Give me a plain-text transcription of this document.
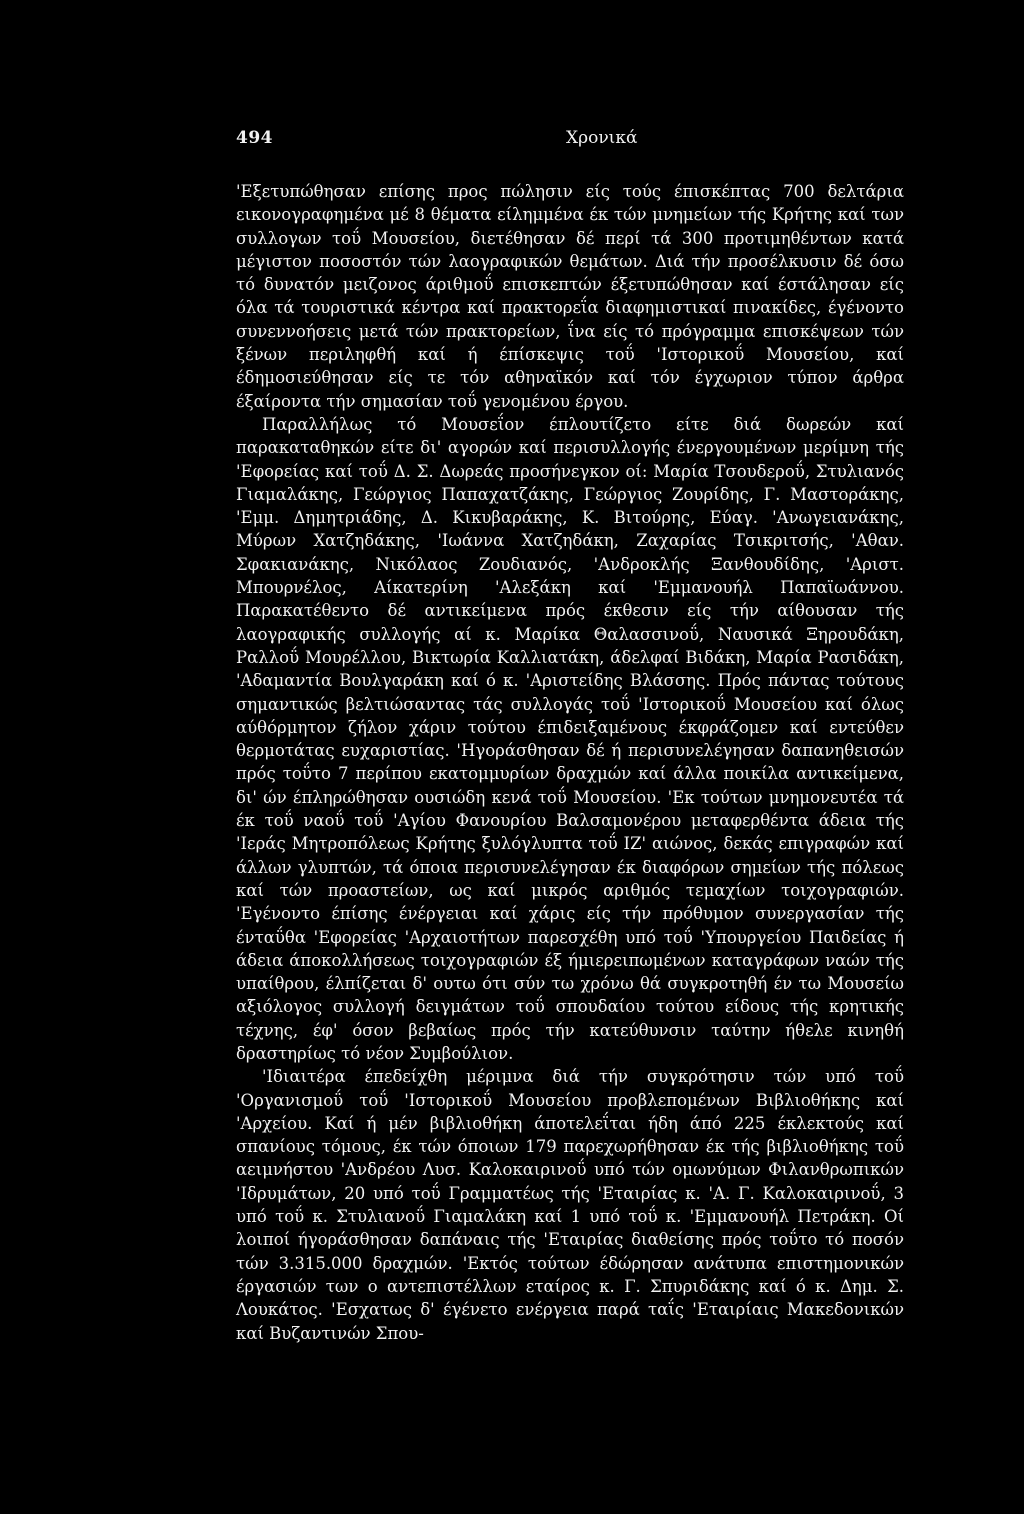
494	Χρονικά

'Εξετυπώθησαν επίσης προς πώλησιν είς τούς έπισκέπτας 700 δελτάρια εικονογραφημένα μέ 8 θέματα είλημμένα έκ τών μνημείων τής Κρήτης καί των συλλογων τοΰ Μουσείου, διετέθησαν δέ περί τά 300 προτιμηθέντων κατά μέγιστον ποσοστόν τών λαογραφικών θεμάτων. Διά τήν προσέλκυσιν δέ όσω τό δυνατόν μειζονος άριθμοΰ επισκεπτών έξετυπώθησαν καί έστάλησαν είς όλα τά τουριστικά κέντρα καί πρακτορεΐα διαφημιστικαί πινακίδες, έγένοντο συνεννοήσεις μετά τών πρακτορείων, ΐνα είς τό πρόγραμμα επισκέψεων τών ξένων περιληφθή καί ή έπίσκεψις τοΰ 'Ιστορικοΰ Μουσείου, καί έδημοσιεύθησαν είς τε τόν αθηναϊκόν καί τόν έγχωριον τύπον άρθρα έξαίροντα τήν σημασίαν τοΰ γενομένου έργου.

Παραλλήλως τό Μουσεΐον έπλουτίζετο είτε διά δωρεών καί παρακαταθηκών είτε δι' αγορών καί περισυλλογής ένεργουμένων μερίμνη τής 'Εφορείας καί τοΰ Δ. Σ. Δωρεάς προσήνεγκον οί: Μαρία Τσουδεροΰ, Στυλιανός Γιαμαλάκης, Γεώργιος Παπαχατζάκης, Γεώργιος Ζουρίδης, Γ. Μαστοράκης, 'Εμμ. Δημητριάδης, Δ. Κικυβαράκης, Κ. Βιτούρης, Εύαγ. 'Ανωγειανάκης, Μύρων Χατζηδάκης, 'Ιωάννα Χατζηδάκη, Ζαχαρίας Τσικριτσής, 'Αθαν. Σφακιανάκης, Νικόλαος Ζουδιανός, 'Ανδροκλής Ξανθουδίδης, 'Αριστ. Μπουρνέλος, Αίκατερίνη 'Αλεξάκη καί 'Εμμανουήλ Παπαϊωάννου. Παρακατέθεντο δέ αντικείμενα πρός έκθεσιν είς τήν αίθουσαν τής λαογραφικής συλλογής αί κ. Μαρίκα Θαλασσινοΰ, Ναυσικά Ξηρουδάκη, Ραλλοΰ Μουρέλλου, Βικτωρία Καλλιατάκη, άδελφαί Βιδάκη, Μαρία Ρασιδάκη, 'Αδαμαντία Βουλγαράκη καί ό κ. 'Αριστείδης Βλάσσης. Πρός πάντας τούτους σημαντικώς βελτιώσαντας τάς συλλογάς τοΰ 'Ιστορικοΰ Μουσείου καί όλως αύθόρμητον ζήλον χάριν τούτου έπιδειξαμένους έκφράζομεν καί εντεύθεν θερμοτάτας ευχαριστίας. 'Ηγοράσθησαν δέ ή περισυνελέγησαν δαπανηθεισών πρός τοΰτο 7 περίπου εκατομμυρίων δραχμών καί άλλα ποικίλα αντικείμενα, δι' ών έπληρώθησαν ουσιώδη κενά τοΰ Μουσείου. 'Εκ τούτων μνημονευτέα τά έκ τοΰ ναοΰ τοΰ 'Αγίου Φανουρίου Βαλσαμονέρου μεταφερθέντα άδεια τής 'Ιεράς Μητροπόλεως Κρήτης ξυλόγλυπτα τοΰ ΙΖ' αιώνος, δεκάς επιγραφών καί άλλων γλυπτών, τά όποια περισυνελέγησαν έκ διαφόρων σημείων τής πόλεως καί τών προαστείων, ως καί μικρός αριθμός τεμαχίων τοιχογραφιών. 'Εγένοντο έπίσης ένέργειαι καί χάρις είς τήν πρόθυμον συνεργασίαν τής ένταΰθα 'Εφορείας 'Αρχαιοτήτων παρεσχέθη υπό τοΰ 'Υπουργείου Παιδείας ή άδεια άποκολλήσεως τοιχογραφιών έξ ήμιερειπωμένων καταγράφων ναών τής υπαίθρου, έλπίζεται δ' ουτω ότι σύν τω χρόνω θά συγκροτηθή έν τω Μουσείω αξιόλογος συλλογή δειγμάτων τοΰ σπουδαίου τούτου είδους τής κρητικής τέχνης, έφ' όσον βεβαίως πρός τήν κατεύθυνσιν ταύτην ήθελε κινηθή δραστηρίως τό νέον Συμβούλιον.

'Ιδιαιτέρα έπεδείχθη μέριμνα διά τήν συγκρότησιν τών υπό τοΰ 'Οργανισμοΰ τοΰ 'Ιστορικοΰ Μουσείου προβλεπομένων Βιβλιοθήκης καί 'Αρχείου. Καί ή μέν βιβλιοθήκη άποτελεΐται ήδη άπό 225 έκλεκτούς καί σπανίους τόμους, έκ τών όποιων 179 παρεχωρήθησαν έκ τής βιβλιοθήκης τοΰ αειμνήστου 'Ανδρέου Λυσ. Καλοκαιρινοΰ υπό τών ομωνύμων Φιλανθρωπικών 'Ιδρυμάτων, 20 υπό τοΰ Γραμματέως τής 'Εταιρίας κ. 'Α. Γ. Καλοκαιρινοΰ, 3 υπό τοΰ κ. Στυλιανοΰ Γιαμαλάκη καί 1 υπό τοΰ κ. 'Εμμανουήλ Πετράκη. Οί λοιποί ήγοράσθησαν δαπάναις τής 'Εταιρίας διαθείσης πρός τοΰτο τό ποσόν τών 3.315.000 δραχμών. 'Εκτός τούτων έδώρησαν ανάτυπα επιστημονικών έργασιών των ο αντεπιστέλλων εταίρος κ. Γ. Σπυριδάκης καί ό κ. Δημ. Σ. Λουκάτος. 'Εσχατως δ' έγένετο ενέργεια παρά ταΐς 'Εταιρίαις Μακεδονικών καί Βυζαντινών Σπου-
